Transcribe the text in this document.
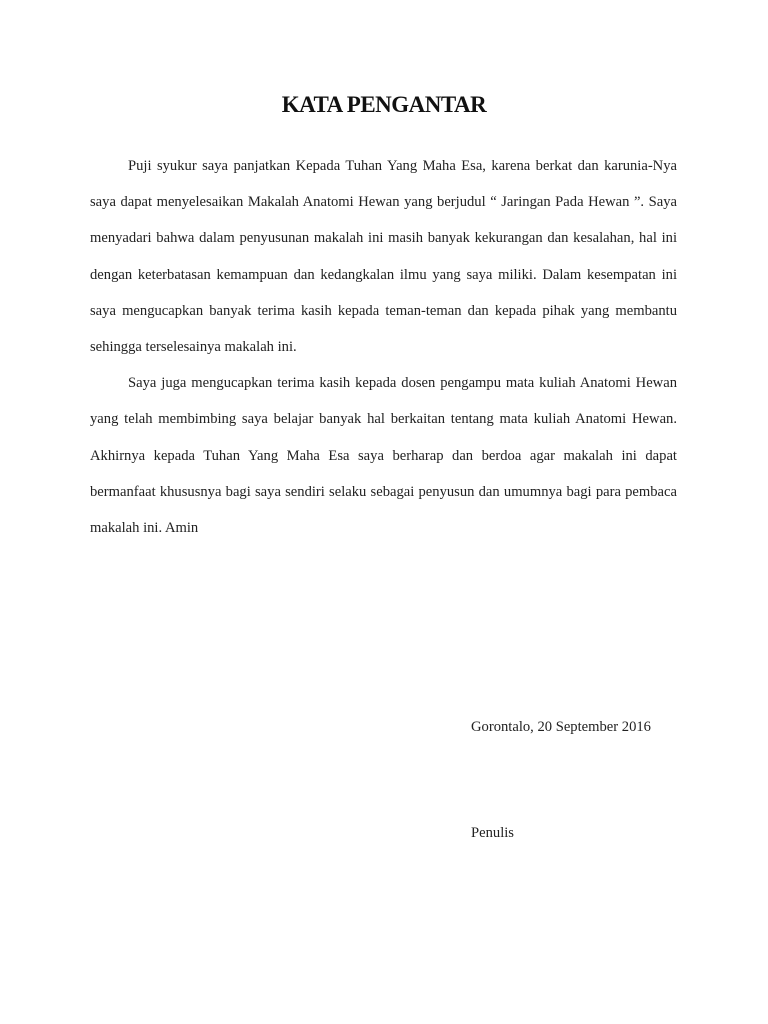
KATA PENGANTAR

Puji syukur saya panjatkan Kepada Tuhan Yang Maha Esa, karena berkat dan karunia-Nya saya dapat menyelesaikan Makalah Anatomi Hewan yang berjudul “ Jaringan Pada Hewan ”. Saya menyadari bahwa dalam penyusunan makalah ini masih banyak kekurangan dan kesalahan, hal ini dengan keterbatasan kemampuan dan kedangkalan ilmu yang saya miliki. Dalam kesempatan ini saya mengucapkan banyak terima kasih kepada teman-teman dan kepada pihak yang membantu sehingga terselesainya makalah ini.

Saya juga mengucapkan terima kasih kepada dosen pengampu mata kuliah Anatomi Hewan yang telah membimbing saya belajar banyak hal berkaitan tentang mata kuliah Anatomi Hewan. Akhirnya kepada Tuhan Yang Maha Esa saya berharap dan berdoa agar makalah ini dapat bermanfaat khususnya bagi saya sendiri selaku sebagai penyusun dan umumnya bagi para pembaca makalah ini. Amin

Gorontalo, 20 September 2016
Penulis
